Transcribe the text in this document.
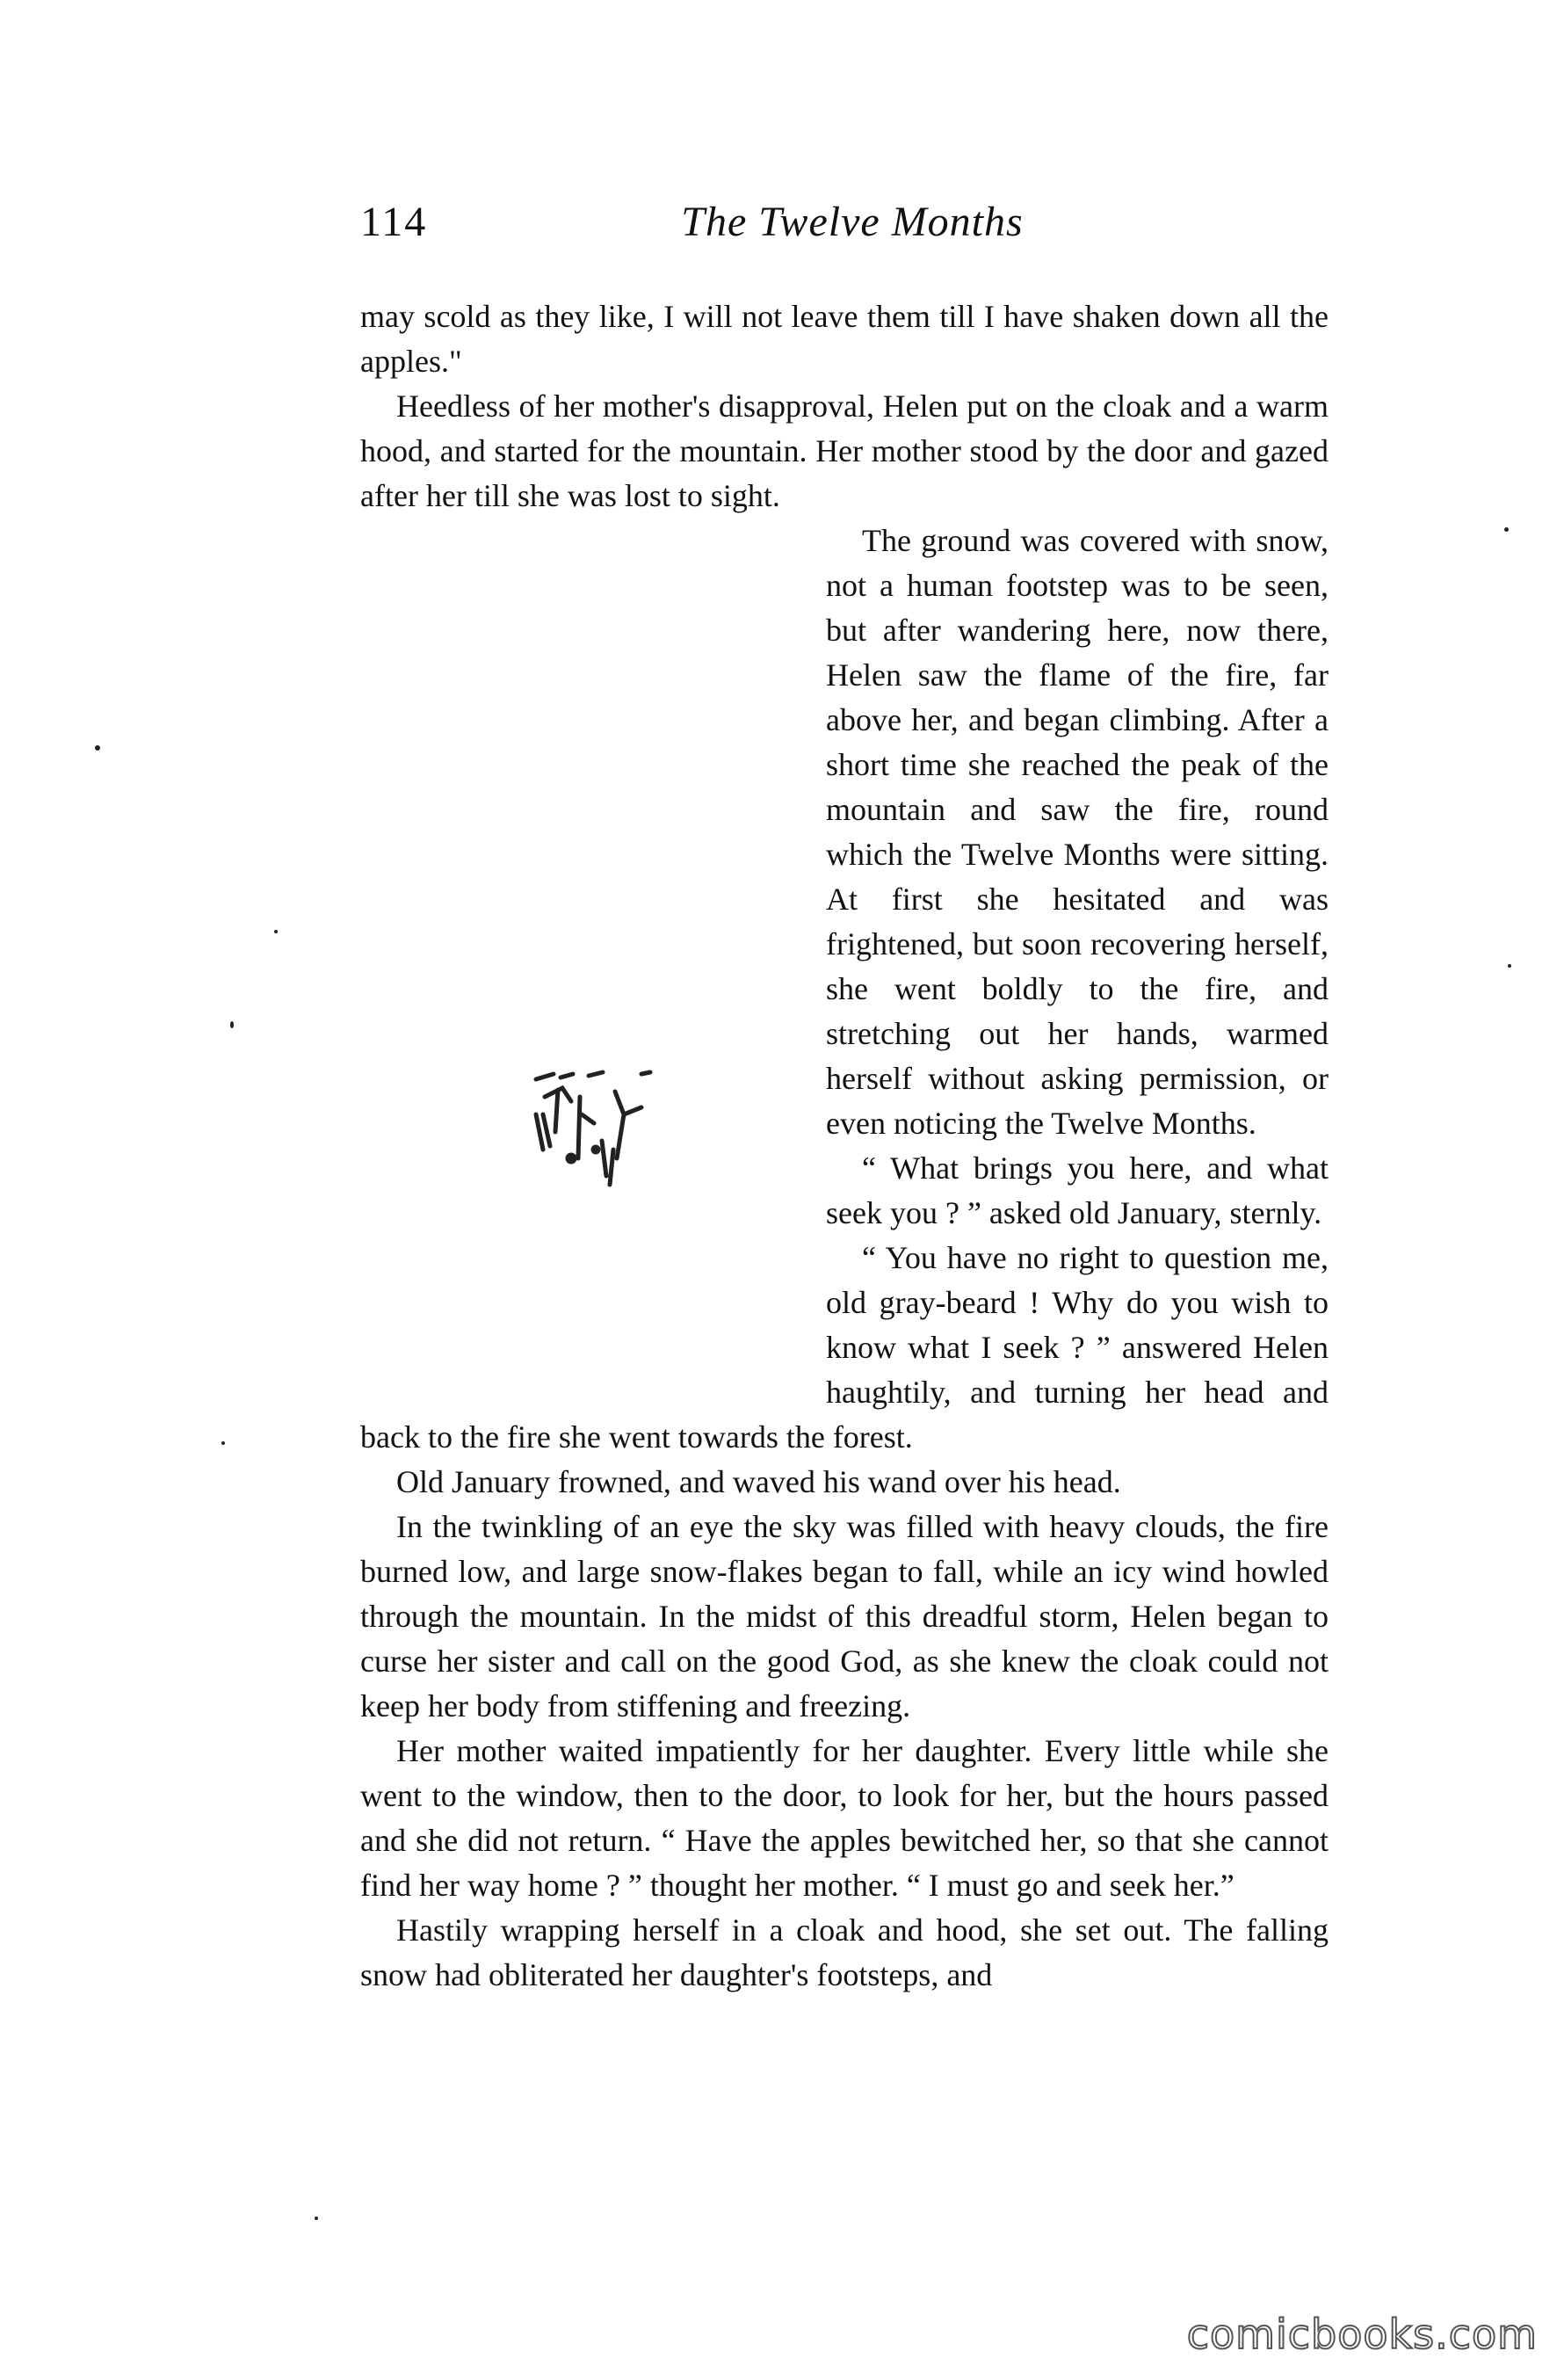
114	The Twelve Months

may scold as they like, I will not leave them till I have shaken down all the apples."

Heedless of her mother's disapproval, Helen put on the cloak and a warm hood, and started for the mountain. Her mother stood by the door and gazed after her till she was lost to sight.

The ground was covered with snow, not a human footstep was to be seen, but after wandering here, now there, Helen saw the flame of the fire, far above her, and began climbing. After a short time she reached the peak of the mountain and saw the fire, round which the Twelve Months were sitting. At first she hesitated and was frightened, but soon recovering herself, she went boldly to the fire, and stretching out her hands, warmed herself without asking permission, or even noticing the Twelve Months.

“ What brings you here, and what seek you ? ” asked old January, sternly.

“ You have no right to question me, old gray-beard ! Why do you wish to know what I seek ? ” answered Helen haughtily, and turning her head and back to the fire she went towards the forest.

Old January frowned, and waved his wand over his head.

In the twinkling of an eye the sky was filled with heavy clouds, the fire burned low, and large snow-flakes began to fall, while an icy wind howled through the mountain. In the midst of this dreadful storm, Helen began to curse her sister and call on the good God, as she knew the cloak could not keep her body from stiffening and freezing.

Her mother waited impatiently for her daughter. Every little while she went to the window, then to the door, to look for her, but the hours passed and she did not return. “ Have the apples bewitched her, so that she cannot find her way home ? ” thought her mother. “ I must go and seek her.”

Hastily wrapping herself in a cloak and hood, she set out. The falling snow had obliterated her daughter's footsteps, and

comicbooks.com
